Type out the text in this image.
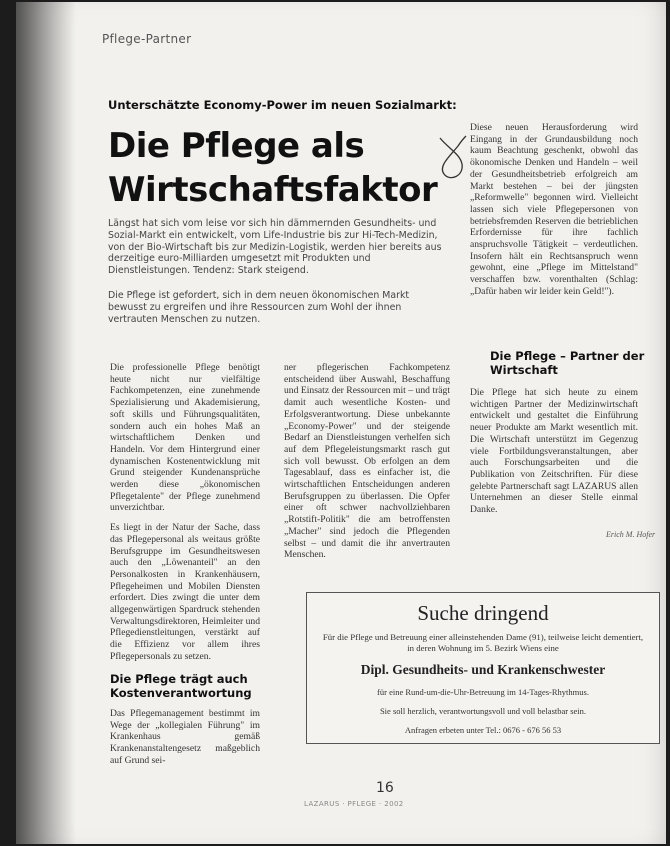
Pflege-Partner
Unterschätzte Economy-Power im neuen Sozialmarkt:
Die Pflege als Wirtschaftsfaktor

Längst hat sich vom leise vor sich hin dämmernden Gesundheits- und Sozial-Markt ein entwickelt, vom Life-Industrie bis zur Hi-Tech-Medizin, von der Bio-Wirtschaft bis zur Medizin-Logistik, werden hier bereits aus derzeitige euro-Milliarden umgesetzt mit Produkten und Dienstleistungen. Tendenz: Stark steigend.

Die Pflege ist gefordert, sich in dem neuen ökonomischen Markt bewusst zu ergreifen und ihre Ressourcen zum Wohl der ihnen vertrauten Menschen zu nutzen.

Die professionelle Pflege benötigt heute nicht nur vielfältige Fachkompetenzen, eine zunehmende Spezialisierung und Akademisierung, soft skills und Führungsqualitäten, sondern auch ein hohes Maß an wirtschaftlichem Denken und Handeln. Vor dem Hintergrund einer dynamischen Kostenentwicklung mit Grund steigender Kundenansprüche werden diese „ökonomischen Pflegetalente" der Pflege zunehmend unverzichtbar.

Es liegt in der Natur der Sache, dass das Pflegepersonal als weitaus größte Berufsgruppe im Gesundheitswesen auch den „Löwenanteil" an den Personalkosten in Krankenhäusern, Pflegeheimen und Mobilen Diensten erfordert. Dies zwingt die unter dem allgegenwärtigen Spardruck stehenden Verwaltungsdirektoren, Heimleiter und Pflegedienstleitungen, verstärkt auf die Effizienz vor allem ihres Pflegepersonals zu setzen.

Die Pflege trägt auch Kostenverantwortung

Das Pflegemanagement bestimmt im Wege der „kollegialen Führung" im Krankenhaus gemäß Krankenanstaltengesetz maßgeblich auf Grund sei-

ner pflegerischen Fachkompetenz entscheidend über Auswahl, Beschaffung und Einsatz der Ressourcen mit – und trägt damit auch wesentliche Kosten- und Erfolgsverantwortung. Diese unbekannte „Economy-Power" und der steigende Bedarf an Dienstleistungen verhelfen sich auf dem Pflegeleistungsmarkt rasch gut sich voll bewusst. Ob erfolgen an dem Tagesablauf, dass es einfacher ist, die wirtschaftlichen Entscheidungen anderen Berufsgruppen zu überlassen. Die Opfer einer oft schwer nachvollziehbaren „Rotstift-Politik" die am betroffensten „Macher" sind jedoch die Pflegenden selbst – und damit die ihr anvertrauten Menschen.

Diese neuen Herausforderung wird Eingang in der Grundausbildung noch kaum Beachtung geschenkt, obwohl das ökonomische Denken und Handeln – weil der Gesundheitsbetrieb erfolgreich am Markt bestehen – bei der jüngsten „Reformwelle" begonnen wird. Vielleicht lassen sich viele Pflegepersonen von betriebsfremden Reserven die betrieblichen Erfordernisse für ihre fachlich anspruchsvolle Tätigkeit – verdeutlichen. Insofern hält ein Rechtsanspruch wenn gewohnt, eine „Pflege im Mittelstand" verschaffen bzw. vorenthalten (Schlag: „Dafür haben wir leider kein Geld!").

Die Pflege – Partner der Wirtschaft

Die Pflege hat sich heute zu einem wichtigen Partner der Medizinwirtschaft entwickelt und gestaltet die Einführung neuer Produkte am Markt wesentlich mit. Die Wirtschaft unterstützt im Gegenzug viele Fortbildungsveranstaltungen, aber auch Forschungsarbeiten und die Publikation von Zeitschriften. Für diese gelebte Partnerschaft sagt LAZARUS allen Unternehmen an dieser Stelle einmal Danke.

Erich M. Hofer
Suche dringend
Für die Pflege und Betreuung einer alleinstehenden Dame (91), teilweise leicht dementiert, in deren Wohnung im 5. Bezirk Wiens eine
Dipl. Gesundheits- und Krankenschwester
für eine Rund-um-die-Uhr-Betreuung im 14-Tages-Rhythmus.
Sie soll herzlich, verantwortungsvoll und voll belastbar sein.
Anfragen erbeten unter Tel.: 0676 - 676 56 53
16
LAZARUS · PFLEGE · 2002
